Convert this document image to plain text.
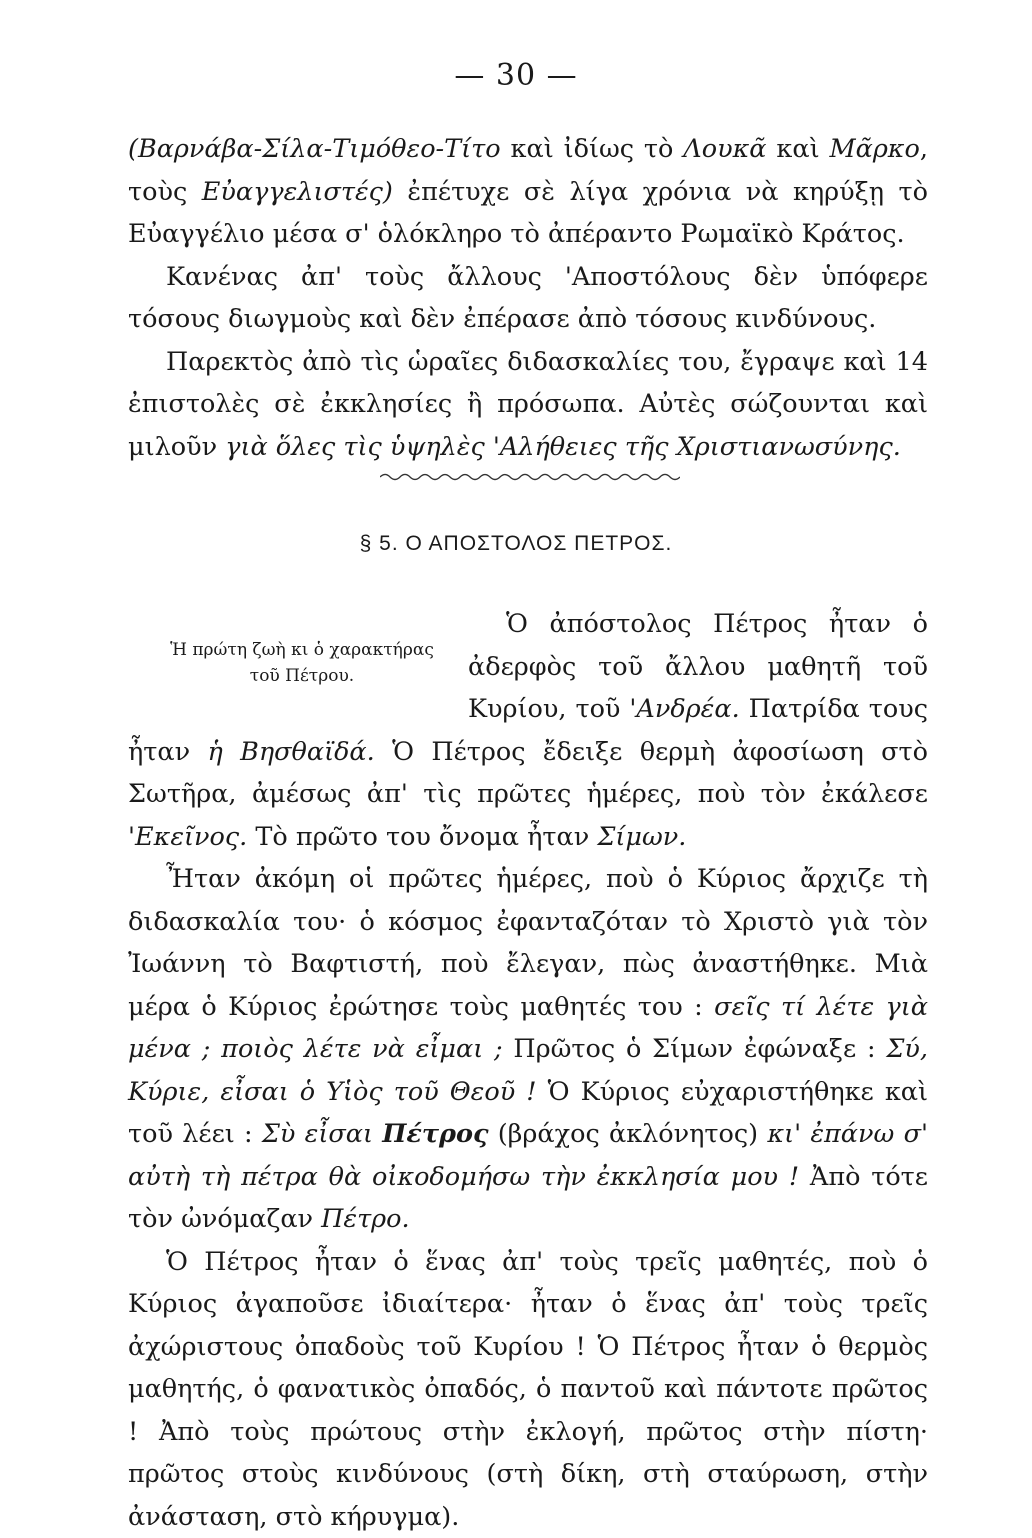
— 30 —

(Βαρνάβα-Σίλα-Τιμόθεο-Τίτο καὶ ἰδίως τὸ Λουκᾶ καὶ Μᾶρκο, τοὺς Εὐαγγελιστές) ἐπέτυχε σὲ λίγα χρόνια νὰ κηρύξῃ τὸ Εὐαγγέλιο μέσα σ' ὁλόκληρο τὸ ἀπέραντο Ρωμαϊκὸ Κράτος.

Κανένας ἀπ' τοὺς ἄλλους 'Αποστόλους δὲν ὑπόφερε τόσους διωγμοὺς καὶ δὲν ἐπέρασε ἀπὸ τόσους κινδύνους.

Παρεκτὸς ἀπὸ τὶς ὡραῖες διδασκαλίες του, ἔγραψε καὶ 14 ἐπιστολὲς σὲ ἐκκλησίες ἢ πρόσωπα. Αὐτὲς σώζουνται καὶ μιλοῦν γιὰ ὅλες τὶς ὑψηλὲς 'Αλήθειες τῆς Χριστιανωσύνης.

§ 5. Ο ΑΠΟΣΤΟΛΟΣ ΠΕΤΡΟΣ.

Ἡ πρώτη ζωὴ κι ὁ χαρακτήρας
τοῦ Πέτρου.
Ὁ ἀπόστολος Πέτρος ἦταν ὁ ἀδερφὸς τοῦ ἄλλου μαθητῆ τοῦ Κυρίου, τοῦ 'Ανδρέα. Πατρίδα τους ἦταν ἡ Βησθαϊδά. Ὁ Πέτρος ἔδειξε θερμὴ ἀφοσίωση στὸ Σωτῆρα, ἀμέσως ἀπ' τὶς πρῶτες ἡμέρες, ποὺ τὸν ἐκάλεσε 'Εκεῖνος. Τὸ πρῶτο του ὄνομα ἦταν Σίμων.

Ἦταν ἀκόμη οἱ πρῶτες ἡμέρες, ποὺ ὁ Κύριος ἄρχιζε τὴ διδασκαλία του· ὁ κόσμος ἐφανταζόταν τὸ Χριστὸ γιὰ τὸν Ἰωάννη τὸ Βαφτιστή, ποὺ ἔλεγαν, πὼς ἀναστήθηκε. Μιὰ μέρα ὁ Κύριος ἐρώτησε τοὺς μαθητές του : σεῖς τί λέτε γιὰ μένα ; ποιὸς λέτε νὰ εἶμαι ; Πρῶτος ὁ Σίμων ἐφώναξε : Σύ, Κύριε, εἶσαι ὁ Υἱὸς τοῦ Θεοῦ ! Ὁ Κύριος εὐχαριστήθηκε καὶ τοῦ λέει : Σὺ εἶσαι Πέτρος (βράχος ἀκλόνητος) κι' ἐπάνω σ' αὐτὴ τὴ πέτρα θὰ οἰκοδομήσω τὴν ἐκκλησία μου ! Ἀπὸ τότε τὸν ὠνόμαζαν Πέτρο.

Ὁ Πέτρος ἦταν ὁ ἕνας ἀπ' τοὺς τρεῖς μαθητές, ποὺ ὁ Κύριος ἀγαποῦσε ἰδιαίτερα· ἦταν ὁ ἕνας ἀπ' τοὺς τρεῖς ἀχώριστους ὀπαδοὺς τοῦ Κυρίου ! Ὁ Πέτρος ἦταν ὁ θερμὸς μαθητής, ὁ φανατικὸς ὀπαδός, ὁ παντοῦ καὶ πάντοτε πρῶτος ! Ἀπὸ τοὺς πρώτους στὴν ἐκλογή, πρῶτος στὴν πίστη· πρῶτος στοὺς κινδύνους (στὴ δίκη, στὴ σταύρωση, στὴν ἀνάσταση, στὸ κήρυγμα).
